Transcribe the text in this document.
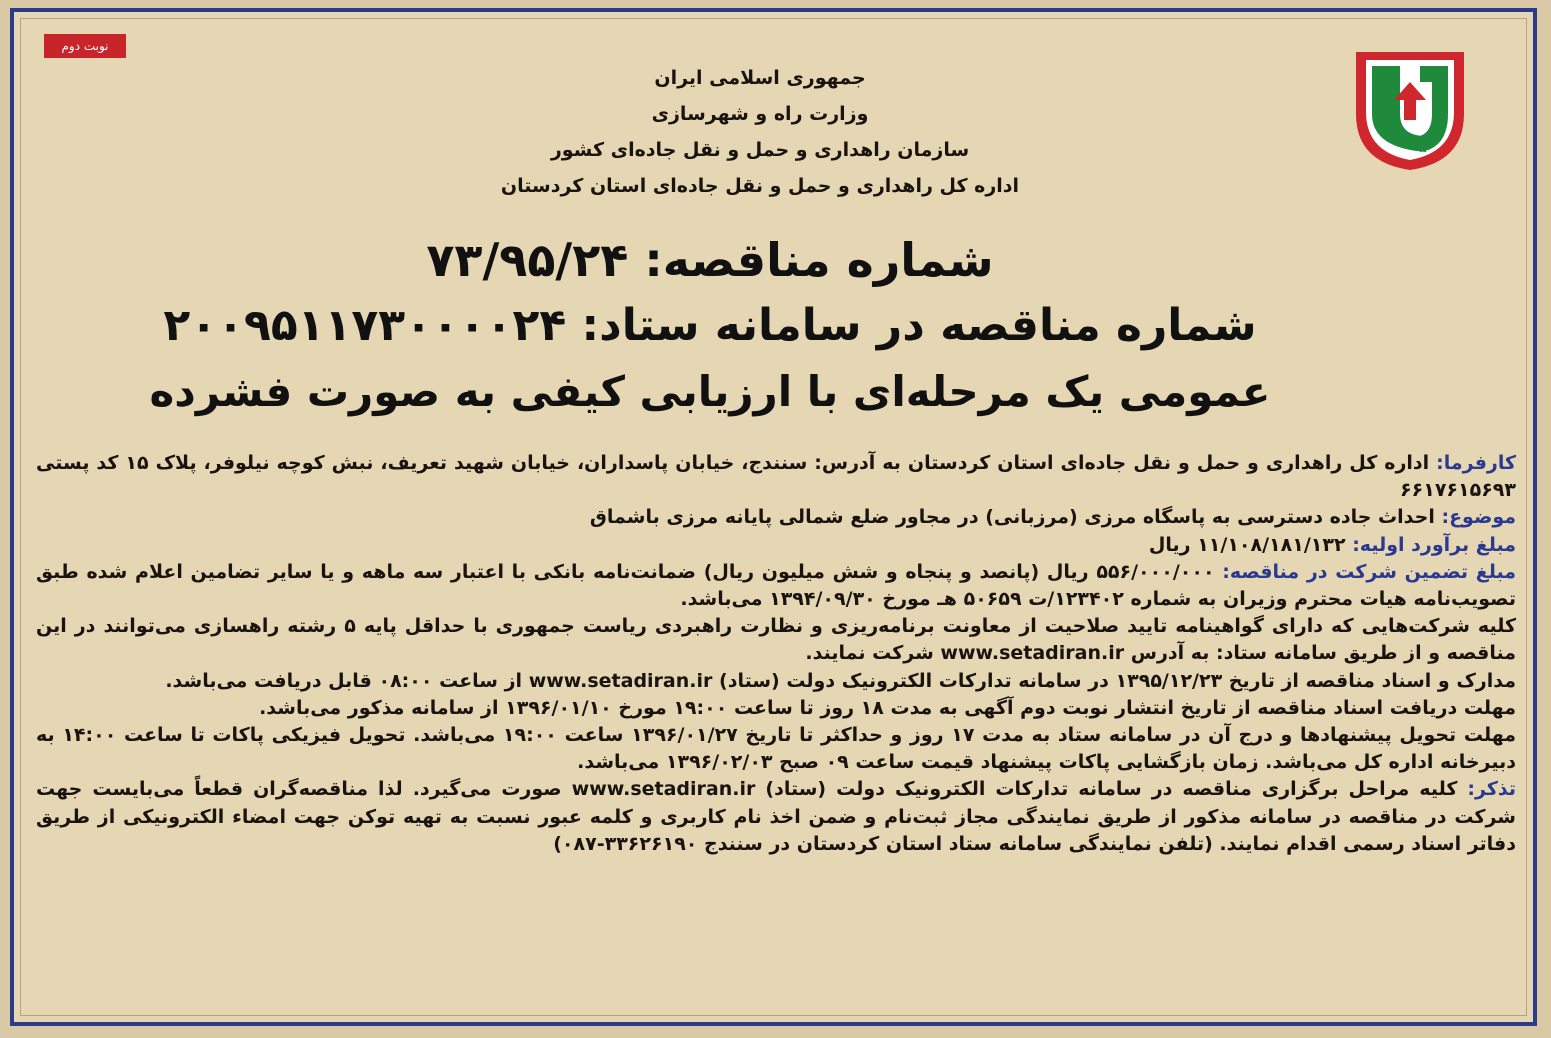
نوبت دوم
جمهوری اسلامی ایران
وزارت راه و شهرسازی
سازمان راهداری و حمل و نقل جاده‌ای کشور
اداره کل راهداری و حمل و نقل جاده‌ای استان کردستان
شماره مناقصه: ۷۳/۹۵/۲۴
شماره مناقصه در سامانه ستاد: ۲۰۰۹۵۱۱۷۳۰۰۰۰۲۴
عمومی یک مرحله‌ای با ارزیابی کیفی به صورت فشرده

کارفرما: اداره کل راهداری و حمل و نقل جاده‌ای استان کردستان به آدرس: سنندج، خیابان پاسداران، خیابان شهید تعریف، نبش کوچه نیلوفر، پلاک ۱۵ کد پستی ۶۶۱۷۶۱۵۶۹۳

موضوع: احداث جاده دسترسی به پاسگاه مرزی (مرزبانی) در مجاور ضلع شمالی پایانه مرزی باشماق

مبلغ برآورد اولیه: ۱۱/۱۰۸/۱۸۱/۱۳۲ ریال

مبلغ تضمین شرکت در مناقصه: ۵۵۶/۰۰۰/۰۰۰ ریال (پانصد و پنجاه و شش میلیون ریال) ضمانت‌نامه بانکی با اعتبار سه ماهه و یا سایر تضامین اعلام شده طبق تصویب‌نامه هیات محترم وزیران به شماره ۱۲۳۴۰۲/ت ۵۰۶۵۹ هـ مورخ ۱۳۹۴/۰۹/۳۰ می‌باشد.

کلیه شرکت‌هایی که دارای گواهینامه تایید صلاحیت از معاونت برنامه‌ریزی و نظارت راهبردی ریاست جمهوری با حداقل پایه ۵ رشته راهسازی می‌توانند در این مناقصه و از طریق سامانه ستاد: به آدرس www.setadiran.ir شرکت نمایند.

مدارک و اسناد مناقصه از تاریخ ۱۳۹۵/۱۲/۲۳ در سامانه تدارکات الکترونیک دولت (ستاد) www.setadiran.ir از ساعت ۰۸:۰۰ قابل دریافت می‌باشد.

مهلت دریافت اسناد مناقصه از تاریخ انتشار نوبت دوم آگهی به مدت ۱۸ روز تا ساعت ۱۹:۰۰ مورخ ۱۳۹۶/۰۱/۱۰ از سامانه مذکور می‌باشد.

مهلت تحویل پیشنهادها و درج آن در سامانه ستاد به مدت ۱۷ روز و حداکثر تا تاریخ ۱۳۹۶/۰۱/۲۷ ساعت ۱۹:۰۰ می‌باشد. تحویل فیزیکی پاکات تا ساعت ۱۴:۰۰ به دبیرخانه اداره کل می‌باشد. زمان بازگشایی پاکات پیشنهاد قیمت ساعت ۰۹ صبح ۱۳۹۶/۰۲/۰۳ می‌باشد.

تذکر: کلیه مراحل برگزاری مناقصه در سامانه تدارکات الکترونیک دولت (ستاد) www.setadiran.ir صورت می‌گیرد. لذا مناقصه‌گران قطعاً می‌بایست جهت شرکت در مناقصه در سامانه مذکور از طریق نمایندگی مجاز ثبت‌نام و ضمن اخذ نام کاربری و کلمه عبور نسبت به تهیه توکن جهت امضاء الکترونیکی از طریق دفاتر اسناد رسمی اقدام نمایند. (تلفن نمایندگی سامانه ستاد استان کردستان در سنندج ۳۳۶۲۶۱۹۰-۰۸۷)
